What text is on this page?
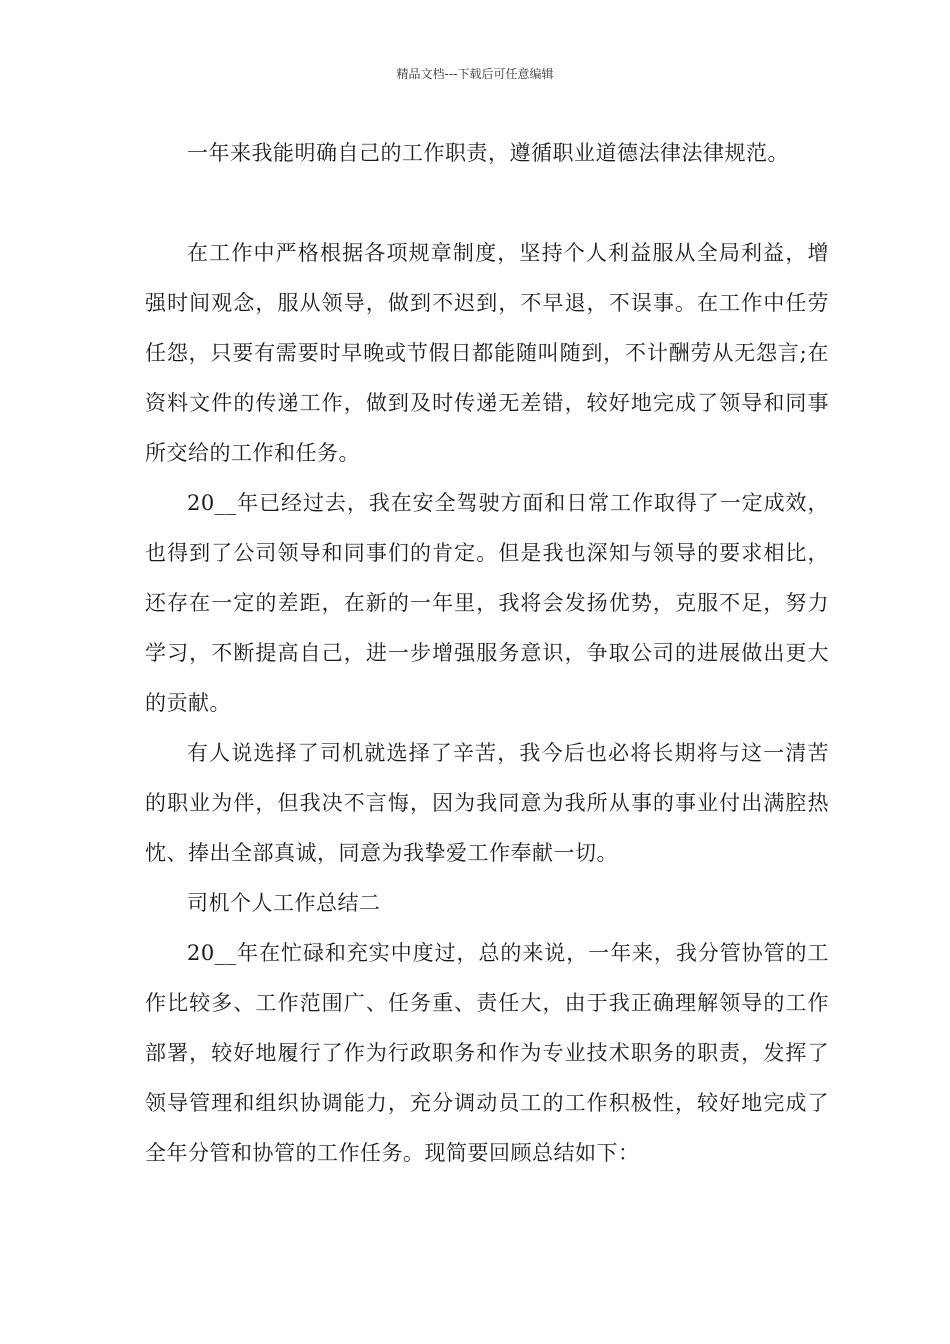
精品文档---下载后可任意编辑

一年来我能明确自己的工作职责，遵循职业道德法律法律规范。

在工作中严格根据各项规章制度，坚持个人利益服从全局利益，增强时间观念，服从领导，做到不迟到，不早退，不误事。在工作中任劳任怨，只要有需要时早晚或节假日都能随叫随到，不计酬劳从无怨言;在资料文件的传递工作，做到及时传递无差错，较好地完成了领导和同事所交给的工作和任务。

20__年已经过去，我在安全驾驶方面和日常工作取得了一定成效，也得到了公司领导和同事们的肯定。但是我也深知与领导的要求相比，还存在一定的差距，在新的一年里，我将会发扬优势，克服不足，努力学习，不断提高自己，进一步增强服务意识，争取公司的进展做出更大的贡献。

有人说选择了司机就选择了辛苦，我今后也必将长期将与这一清苦的职业为伴，但我决不言悔，因为我同意为我所从事的事业付出满腔热忱、捧出全部真诚，同意为我挚爱工作奉献一切。

司机个人工作总结二

20__年在忙碌和充实中度过，总的来说，一年来，我分管协管的工作比较多、工作范围广、任务重、责任大，由于我正确理解领导的工作部署，较好地履行了作为行政职务和作为专业技术职务的职责，发挥了领导管理和组织协调能力，充分调动员工的工作积极性，较好地完成了全年分管和协管的工作任务。现简要回顾总结如下：
